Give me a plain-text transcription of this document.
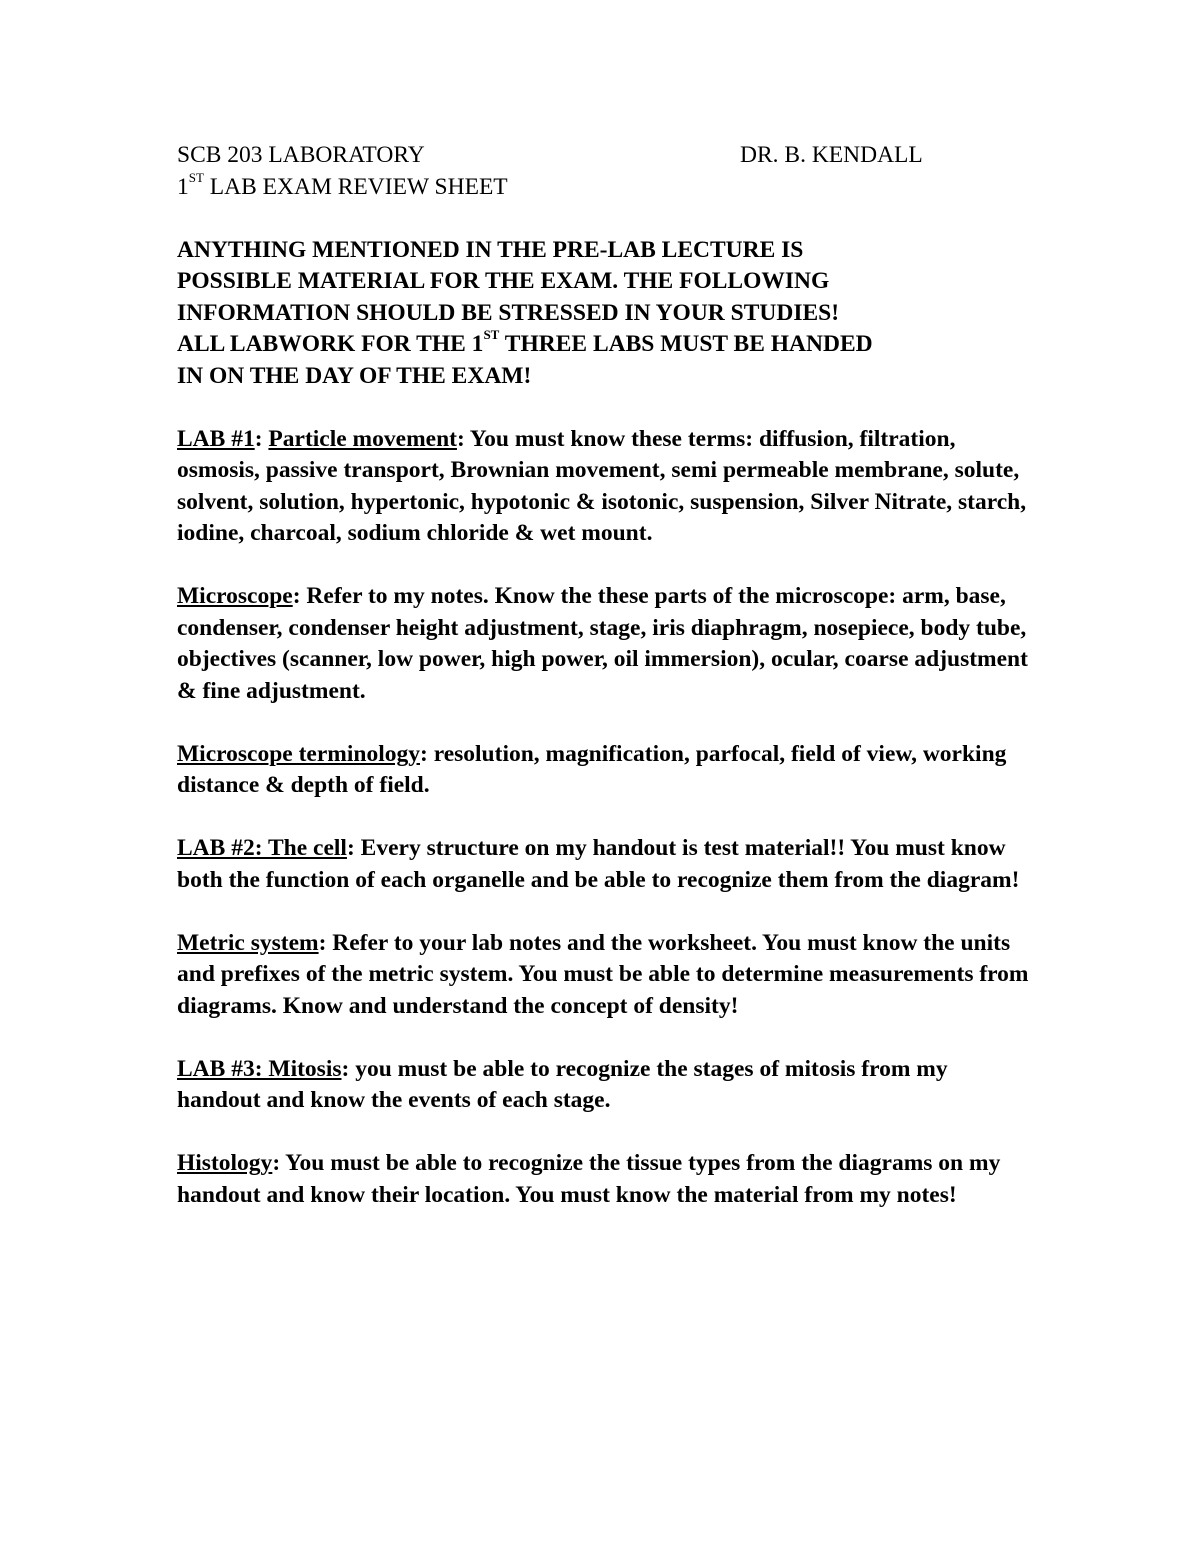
SCB 203 LABORATORY	DR. B. KENDALL
1ST LAB EXAM REVIEW SHEET
ANYTHING MENTIONED IN THE PRE-LAB LECTURE IS
POSSIBLE MATERIAL FOR THE EXAM. THE FOLLOWING
INFORMATION SHOULD BE STRESSED IN YOUR STUDIES!
ALL LABWORK FOR THE 1ST THREE LABS MUST BE HANDED
IN ON THE DAY OF THE EXAM!
LAB #1: Particle movement: You must know these terms: diffusion, filtration, osmosis, passive transport, Brownian movement, semi permeable membrane, solute, solvent, solution, hypertonic, hypotonic & isotonic, suspension, Silver Nitrate, starch, iodine, charcoal, sodium chloride & wet mount.
Microscope: Refer to my notes. Know the these parts of the microscope: arm, base, condenser, condenser height adjustment, stage, iris diaphragm, nosepiece, body tube, objectives (scanner, low power, high power, oil immersion), ocular, coarse adjustment & fine adjustment.
Microscope terminology: resolution, magnification, parfocal, field of view, working distance & depth of field.
LAB #2: The cell: Every structure on my handout is test material!! You must know both the function of each organelle and be able to recognize them from the diagram!
Metric system: Refer to your lab notes and the worksheet. You must know the units and prefixes of the metric system. You must be able to determine measurements from diagrams. Know and understand the concept of density!
LAB #3: Mitosis: you must be able to recognize the stages of mitosis from my handout and know the events of each stage.
Histology: You must be able to recognize the tissue types from the diagrams on my handout and know their location. You must know the material from my notes!
